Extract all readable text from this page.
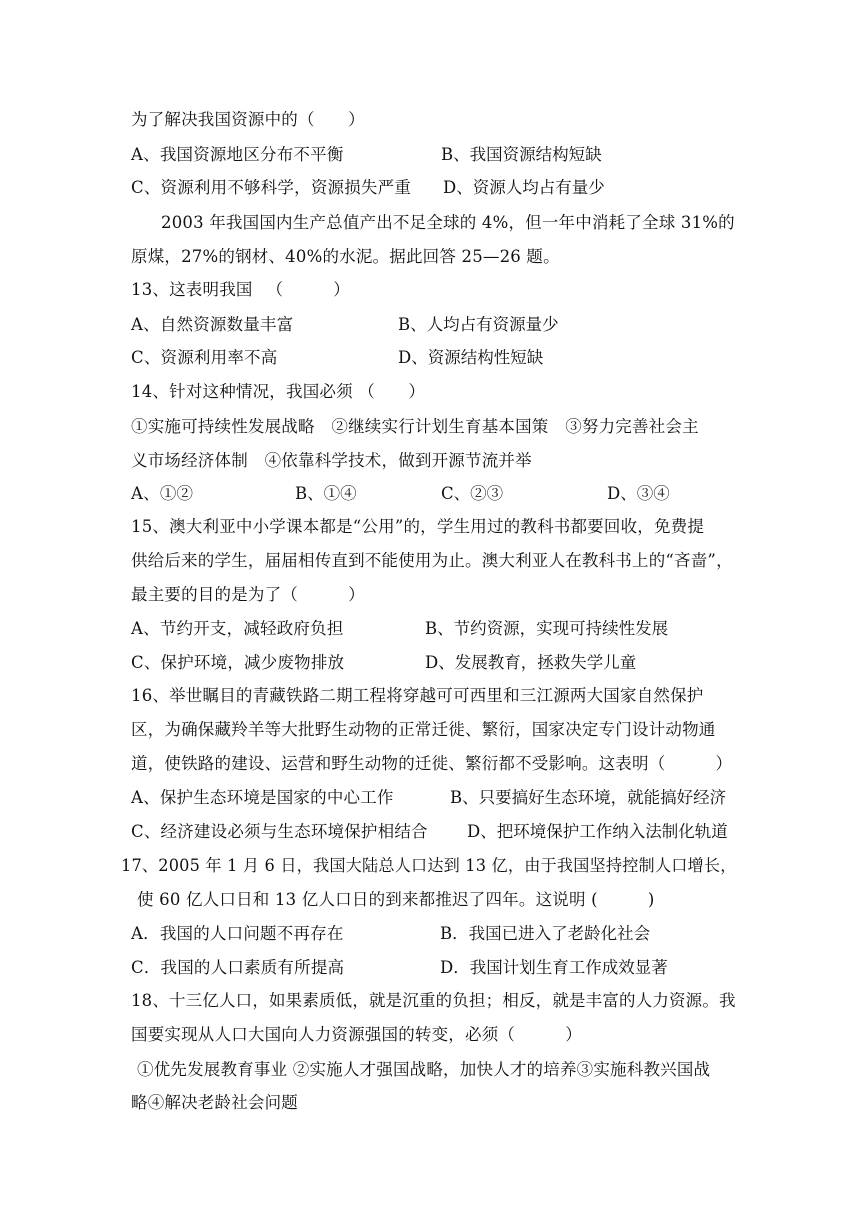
为了解决我国资源中的（　　）
A、我国资源地区分布不平衡	B、我国资源结构短缺
C、资源利用不够科学，资源损失严重 D、资源人均占有量少
2003 年我国国内生产总值产出不足全球的 4%，但一年中消耗了全球 31%的
原煤，27%的钢材、40%的水泥。据此回答 25—26 题。
13、这表明我国 　（　　　）
A、自然资源数量丰富	B、人均占有资源量少
C、资源利用率不高	D、资源结构性短缺
14、针对这种情况，我国必须 （　　）
①实施可持续性发展战略　②继续实行计划生育基本国策　③努力完善社会主
义市场经济体制　④依靠科学技术，做到开源节流并举
A、①②	B、①④	C、②③	D、③④
15、澳大利亚中小学课本都是“公用”的，学生用过的教科书都要回收，免费提
供给后来的学生，届届相传直到不能使用为止。澳大利亚人在教科书上的“吝啬”，
最主要的目的是为了（　　　）
A、节约开支，减轻政府负担	B、节约资源，实现可持续性发展
C、保护环境，减少废物排放	D、发展教育，拯救失学儿童
16、举世瞩目的青藏铁路二期工程将穿越可可西里和三江源两大国家自然保护
区，为确保藏羚羊等大批野生动物的正常迁徙、繁衍，国家决定专门设计动物通
道，使铁路的建设、运营和野生动物的迁徙、繁衍都不受影响。这表明（　　　）
A、保护生态环境是国家的中心工作	B、只要搞好生态环境，就能搞好经济
C、经济建设必须与生态环境保护相结合 D、把环境保护工作纳入法制化轨道
17、2005 年 1 月 6 日，我国大陆总人口达到 13 亿，由于我国坚持控制人口增长，
使 60 亿人口日和 13 亿人口日的到来都推迟了四年。这说明 (　　　)
A．我国的人口问题不再存在	B．我国已进入了老龄化社会
C．我国的人口素质有所提高	D．我国计划生育工作成效显著
18、十三亿人口，如果素质低，就是沉重的负担；相反，就是丰富的人力资源。我
国要实现从人口大国向人力资源强国的转变，必须（　　　）
①优先发展教育事业 ②实施人才强国战略，加快人才的培养③实施科教兴国战
略④解决老龄社会问题
